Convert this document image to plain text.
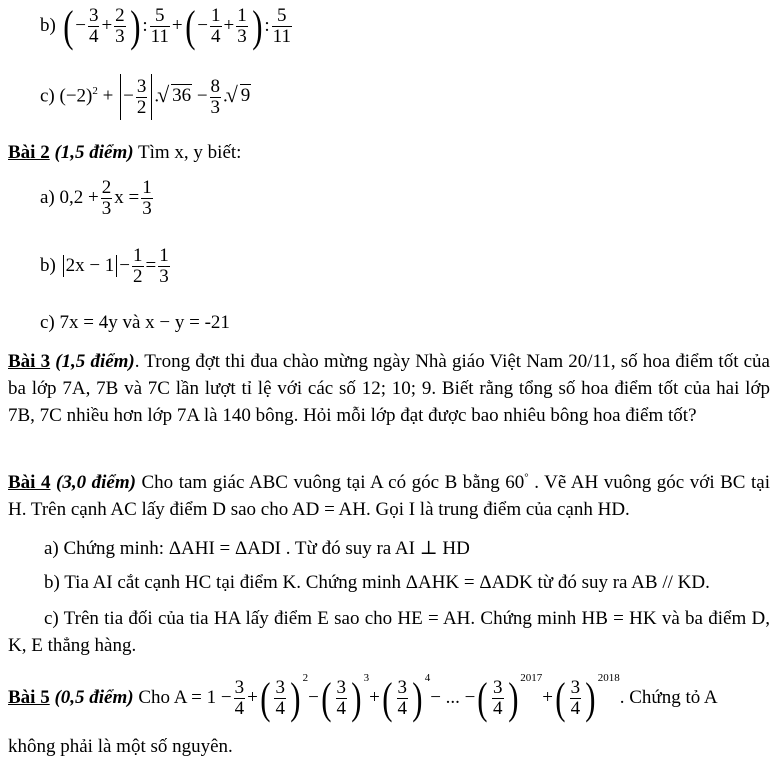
b) ( − $\frac{3}{4} + \frac{2}{3}$ ) : $\frac{5}{11}$ +( − $\frac{1}{4} + \frac{1}{3}$ ) : $\frac{5}{11}$
c) $(-2)^2$ + − $\frac{3}{2}$ . √ $36 - \frac{8}{3}$ . √ 9
Bài 2 (1,5 điểm) Tìm x, y biết:
a) $0,2 + \frac{2}{3}$ $x = \frac{1}{3}$
b) $2x - 1 - \frac{1}{2} = \frac{1}{3}$
c) 7x = 4y và x − y = -21
Bài 3 (1,5 điểm). Trong đợt thi đua chào mừng ngày Nhà giáo Việt Nam 20/11, số hoa điểm tốt của ba lớp 7A, 7B và 7C lần lượt tỉ lệ với các số 12; 10; 9. Biết rằng tổng số hoa điểm tốt của hai lớp 7B, 7C nhiều hơn lớp 7A là 140 bông. Hỏi mỗi lớp đạt được bao nhiêu bông hoa điểm tốt?
Bài 4 (3,0 điểm) Cho tam giác ABC vuông tại A có góc B bằng 60° . Vẽ AH vuông góc với BC tại H. Trên cạnh AC lấy điểm D sao cho AD = AH. Gọi I là trung điểm của cạnh HD.
a) Chứng minh: ΔAHI = ΔADI . Từ đó suy ra AI ⊥ HD
b) Tia AI cắt cạnh HC tại điểm K. Chứng minh ΔAHK = ΔADK từ đó suy ra AB // KD.
c) Trên tia đối của tia HA lấy điểm E sao cho HE = AH. Chứng minh HB = HK và ba điểm D, K, E thẳng hàng.
Bài 5 (0,5 điểm) Cho $A = 1 - \frac{3}{4}$ +( $\frac{3}{4}$ ) $^2-( \frac{3}{4}$ ) $^3+( \frac{3}{4}$ ) $^4$− ... −( $\frac{3}{4}$ ) $^{2017}+( \frac{3}{4}$ ) $^{2018}$. Chứng tỏ A
không phải là một số nguyên.
